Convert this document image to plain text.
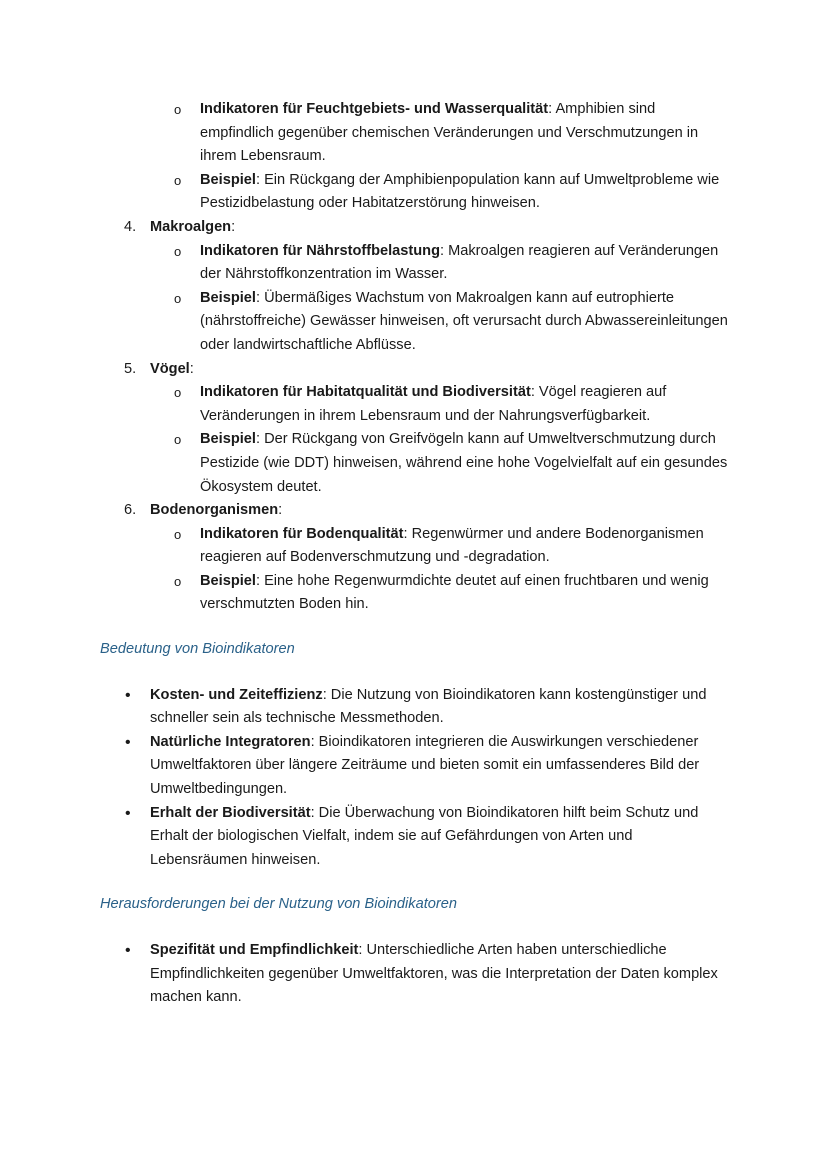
o Indikatoren für Feuchtgebiets- und Wasserqualität: Amphibien sind empfindlich gegenüber chemischen Veränderungen und Verschmutzungen in ihrem Lebensraum.
o Beispiel: Ein Rückgang der Amphibienpopulation kann auf Umweltprobleme wie Pestizidbelastung oder Habitatzerstörung hinweisen.
4. Makroalgen:
o Indikatoren für Nährstoffbelastung: Makroalgen reagieren auf Veränderungen der Nährstoffkonzentration im Wasser.
o Beispiel: Übermäßiges Wachstum von Makroalgen kann auf eutrophierte (nährstoffreiche) Gewässer hinweisen, oft verursacht durch Abwassereinleitungen oder landwirtschaftliche Abflüsse.
5. Vögel:
o Indikatoren für Habitatqualität und Biodiversität: Vögel reagieren auf Veränderungen in ihrem Lebensraum und der Nahrungsverfügbarkeit.
o Beispiel: Der Rückgang von Greifvögeln kann auf Umweltverschmutzung durch Pestizide (wie DDT) hinweisen, während eine hohe Vogelvielfalt auf ein gesundes Ökosystem deutet.
6. Bodenorganismen:
o Indikatoren für Bodenqualität: Regenwürmer und andere Bodenorganismen reagieren auf Bodenverschmutzung und -degradation.
o Beispiel: Eine hohe Regenwurmdichte deutet auf einen fruchtbaren und wenig verschmutzten Boden hin.
Bedeutung von Bioindikatoren
• Kosten- und Zeiteffizienz: Die Nutzung von Bioindikatoren kann kostengünstiger und schneller sein als technische Messmethoden.
• Natürliche Integratoren: Bioindikatoren integrieren die Auswirkungen verschiedener Umweltfaktoren über längere Zeiträume und bieten somit ein umfassenderes Bild der Umweltbedingungen.
• Erhalt der Biodiversität: Die Überwachung von Bioindikatoren hilft beim Schutz und Erhalt der biologischen Vielfalt, indem sie auf Gefährdungen von Arten und Lebensräumen hinweisen.
Herausforderungen bei der Nutzung von Bioindikatoren
• Spezifität und Empfindlichkeit: Unterschiedliche Arten haben unterschiedliche Empfindlichkeiten gegenüber Umweltfaktoren, was die Interpretation der Daten komplex machen kann.
